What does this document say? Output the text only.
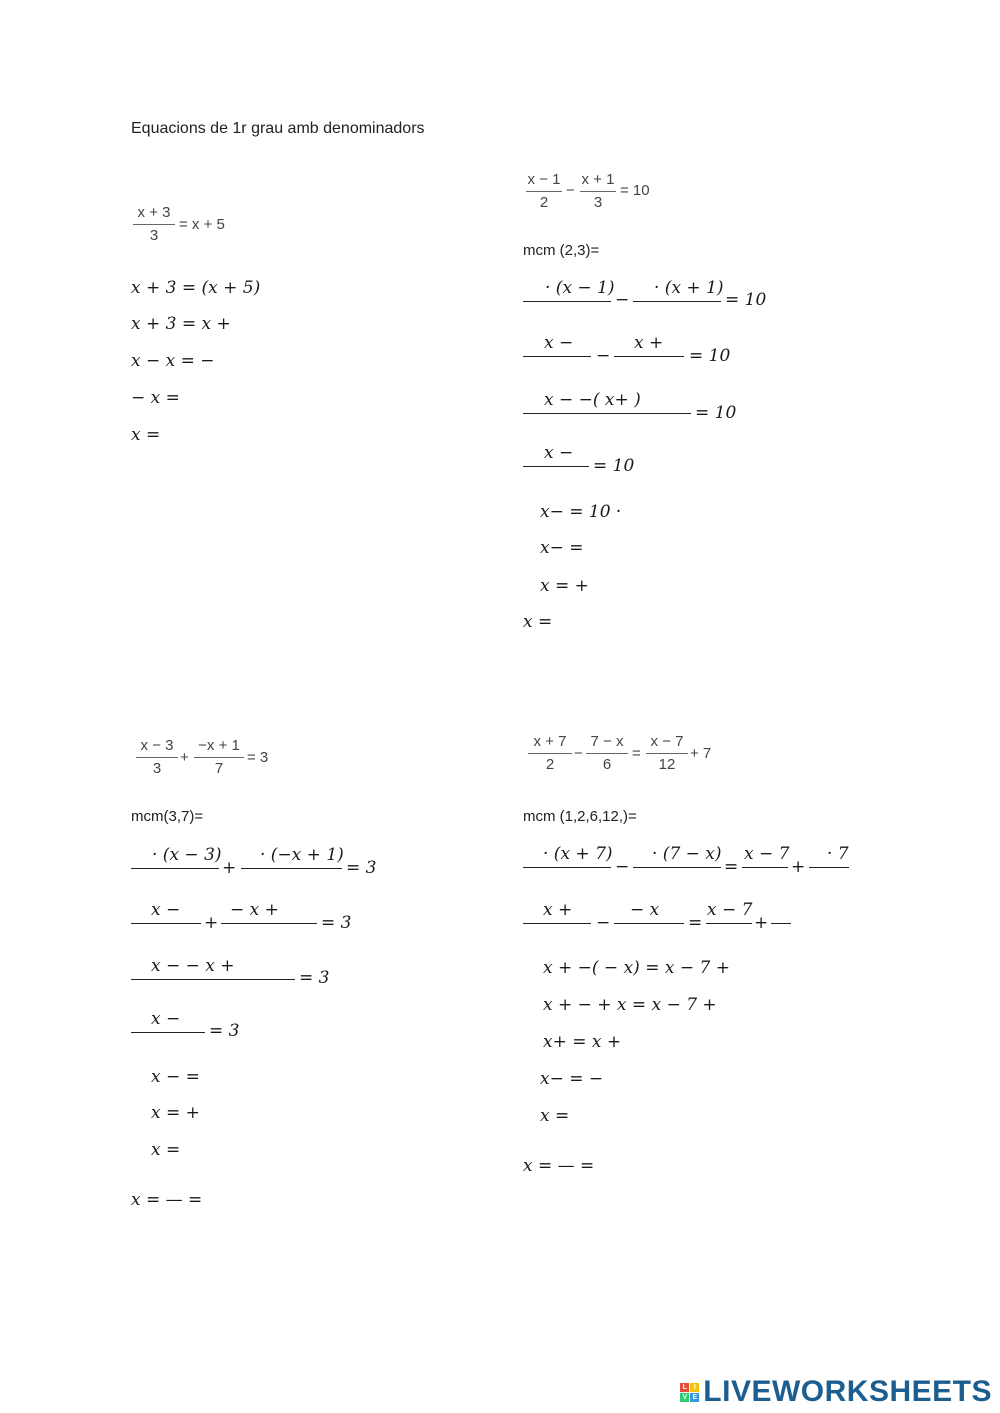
Equacions de 1r grau amb denominadors
$\frac{x + 3}{3} = x + 5$
x + 3 = (x + 5)
x + 3 = x +
x − x = −
− x =
x =
$\frac{x - 1}{2} - \frac{x + 1}{3} = 10$
mcm (2,3)=
· (x − 1)
−
· (x + 1)
= 10
x −
−
x +
= 10
x − −( x+ )
= 10
x −
= 10
x− = 10 ·
x− =
x = +
x =
$\frac{x - 3}{3} + \frac{-x + 1}{7} = 3$
mcm(3,7)=
· (x − 3)
+
· (−x + 1)
= 3
x −
+
− x +
= 3
x − − x +
= 3
x −
= 3
x − =
x = +
x =
x = — =
$\frac{x + 7}{2} - \frac{7 - x}{6} = \frac{x - 7}{12} + 7$
mcm (1,2,6,12,)=
· (x + 7)
−
· (7 − x)
=
x − 7
+
· 7
x +
−
− x
=
x − 7
+
x + −( − x) = x − 7 +
x + − + x = x − 7 +
x+ = x +
x− = −
x =
x = — =
L I
V E LIVEWORKSHEETS
